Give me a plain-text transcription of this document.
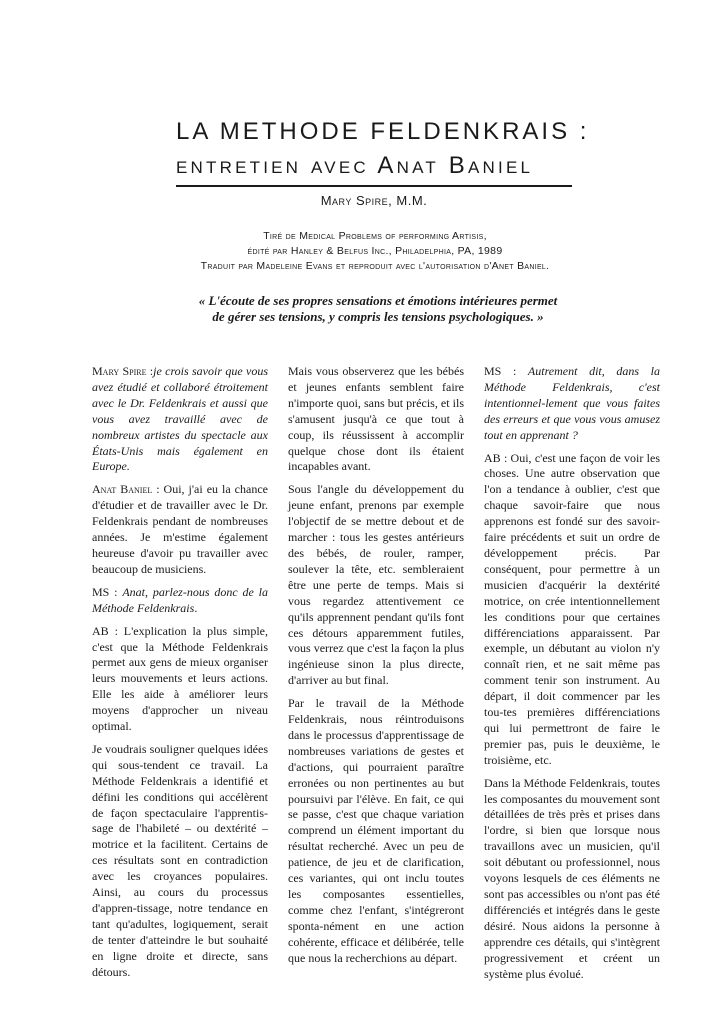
LA METHODE FELDENKRAIS :
entretien avec Anat Baniel
Mary Spire, M.M.
Tiré de Medical Problems of performing Artisis,
édité par Hanley & Belfus Inc., Philadelphia, PA, 1989
Traduit par Madeleine Evans et reproduit avec l'autorisation d'Anet Baniel.
« L'écoute de ses propres sensations et émotions intérieures permet de gérer ses tensions, y compris les tensions psychologiques. »

Mary Spire :je crois savoir que vous avez étudié et collaboré étroitement avec le Dr. Feldenkrais et aussi que vous avez travaillé avec de nombreux artistes du spectacle aux États-Unis mais également en Europe.

Anat Baniel : Oui, j'ai eu la chance d'étudier et de travailler avec le Dr. Feldenkrais pendant de nombreuses années. Je m'estime également heureuse d'avoir pu travailler avec beaucoup de musiciens.

MS : Anat, parlez-nous donc de la Méthode Feldenkrais.

AB : L'explication la plus simple, c'est que la Méthode Feldenkrais permet aux gens de mieux organiser leurs mouvements et leurs actions. Elle les aide à améliorer leurs moyens d'approcher un niveau optimal.

Je voudrais souligner quelques idées qui sous-tendent ce travail. La Méthode Feldenkrais a identifié et défini les conditions qui accélèrent de façon spectaculaire l'apprentis-sage de l'habileté – ou dextérité – motrice et la facilitent. Certains de ces résultats sont en contradiction avec les croyances populaires. Ainsi, au cours du processus d'appren-tissage, notre tendance en tant qu'adultes, logiquement, serait de tenter d'atteindre le but souhaité en ligne droite et directe, sans détours.

Mais vous observerez que les bébés et jeunes enfants semblent faire n'importe quoi, sans but précis, et ils s'amusent jusqu'à ce que tout à coup, ils réussissent à accomplir quelque chose dont ils étaient incapables avant.

Sous l'angle du développement du jeune enfant, prenons par exemple l'objectif de se mettre debout et de marcher : tous les gestes antérieurs des bébés, de rouler, ramper, soulever la tête, etc. sembleraient être une perte de temps. Mais si vous regardez attentivement ce qu'ils apprennent pendant qu'ils font ces détours apparemment futiles, vous verrez que c'est la façon la plus ingénieuse sinon la plus directe, d'arriver au but final.

Par le travail de la Méthode Feldenkrais, nous réintroduisons dans le processus d'apprentissage de nombreuses variations de gestes et d'actions, qui pourraient paraître erronées ou non pertinentes au but poursuivi par l'élève. En fait, ce qui se passe, c'est que chaque variation comprend un élément important du résultat recherché. Avec un peu de patience, de jeu et de clarification, ces variantes, qui ont inclu toutes les composantes essentielles, comme chez l'enfant, s'intégreront sponta-nément en une action cohérente, efficace et délibérée, telle que nous la recherchions au départ.

MS : Autrement dit, dans la Méthode Feldenkrais, c'est intentionnel-lement que vous faites des erreurs et que vous vous amusez tout en apprenant ?

AB : Oui, c'est une façon de voir les choses. Une autre observation que l'on a tendance à oublier, c'est que chaque savoir-faire que nous apprenons est fondé sur des savoir-faire précédents et suit un ordre de développement précis. Par conséquent, pour permettre à un musicien d'acquérir la dextérité motrice, on crée intentionnellement les conditions pour que certaines différenciations apparaissent. Par exemple, un débutant au violon n'y connaît rien, et ne sait même pas comment tenir son instrument. Au départ, il doit commencer par les tou-tes premières différenciations qui lui permettront de faire le premier pas, puis le deuxième, le troisième, etc.

Dans la Méthode Feldenkrais, toutes les composantes du mouvement sont détaillées de très près et prises dans l'ordre, si bien que lorsque nous travaillons avec un musicien, qu'il soit débutant ou professionnel, nous voyons lesquels de ces éléments ne sont pas accessibles ou n'ont pas été différenciés et intégrés dans le geste désiré. Nous aidons la personne à apprendre ces détails, qui s'intègrent progressivement et créent un système plus évolué.
